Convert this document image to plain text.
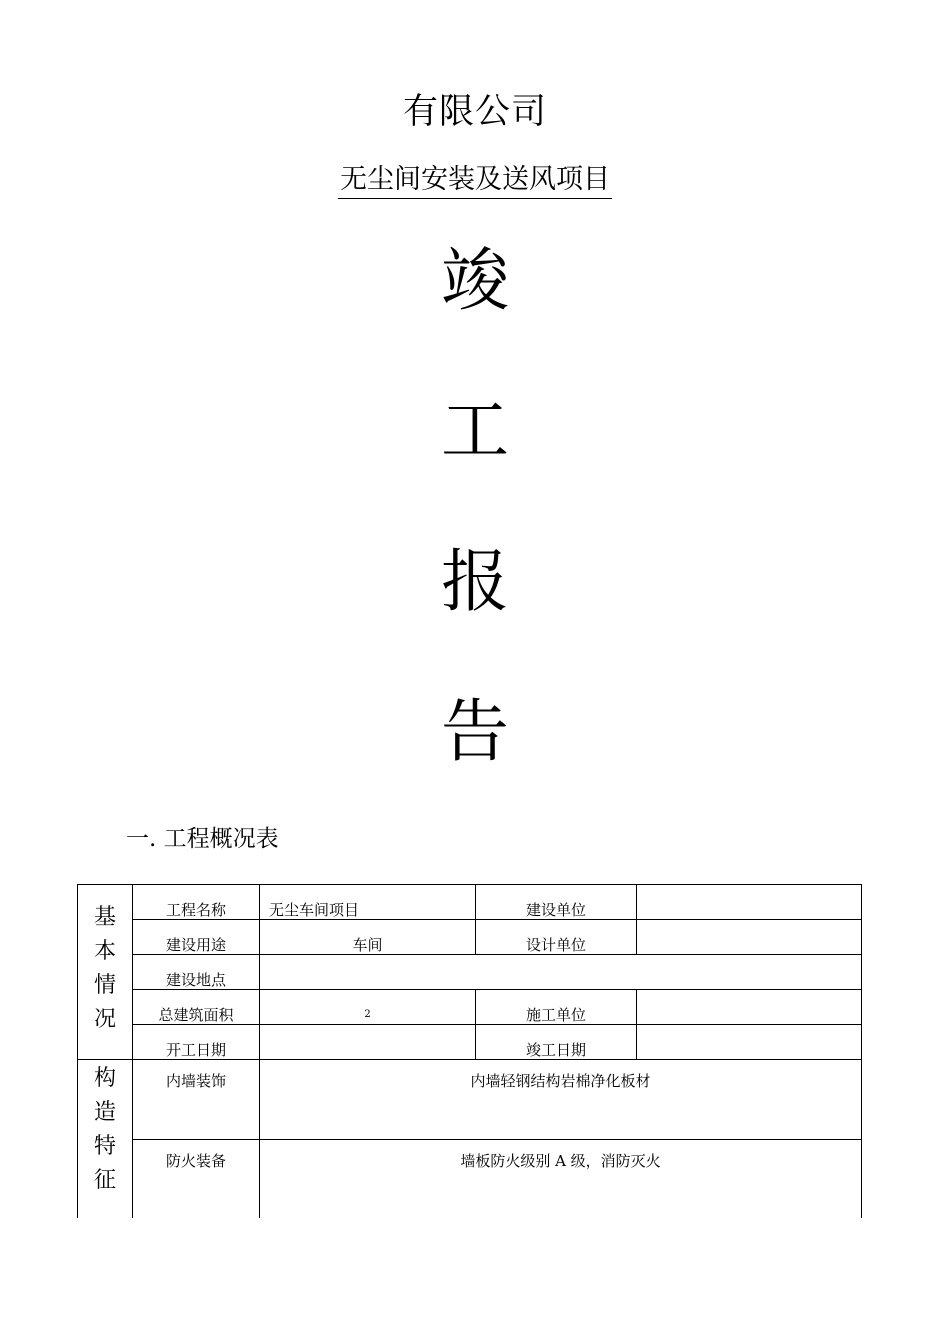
有限公司
无尘间安装及送风项目
竣
工
报
告
一. 工程概况表
基本情况	工程名称	无尘车间项目	建设单位	
	建设用途	车间	设计单位	
	建设地点			
	总建筑面积	2	施工单位	
	开工日期		竣工日期	
构造特征	内墙装饰	内墙轻钢结构岩棉净化板材		
	防火装备	墙板防火级别 A 级，消防灭火		
